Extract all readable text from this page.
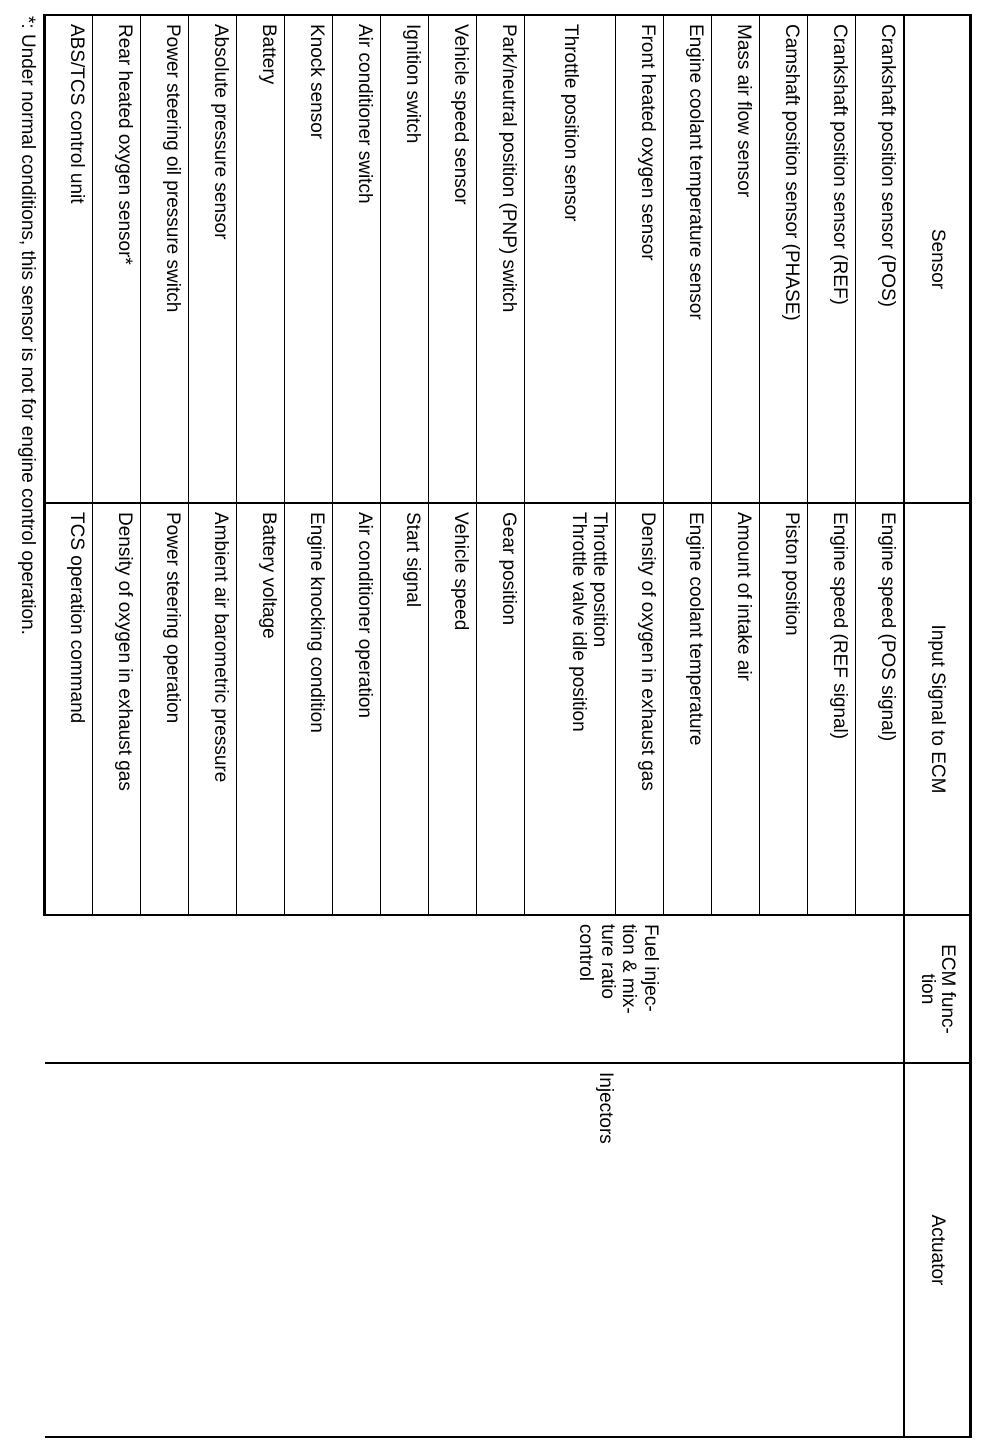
Sensor	Input Signal to ECM	ECM func-
tion	Actuator
Crankshaft position sensor (POS)	Engine speed (POS signal)	Fuel injec-
tion & mix-
ture ratio
control	Injectors

Crankshaft position sensor (REF)	Engine speed (REF signal)		

Camshaft position sensor (PHASE)	Piston position		

Mass air flow sensor	Amount of intake air		

Engine coolant temperature sensor	Engine coolant temperature		

Front heated oxygen sensor	Density of oxygen in exhaust gas		

Throttle position sensor	Throttle position
Throttle valve idle position		

Park/neutral position (PNP) switch	Gear position		

Vehicle speed sensor	Vehicle speed		

Ignition switch	Start signal		

Air conditioner switch	Air conditioner operation		

Knock sensor	Engine knocking condition		

Battery	Battery voltage		

Absolute pressure sensor	Ambient air barometric pressure		

Power steering oil pressure switch	Power steering operation		

Rear heated oxygen sensor*	Density of oxygen in exhaust gas		

ABS/TCS control unit	TCS operation command		
*: Under normal conditions, this sensor is not for engine control operation.
